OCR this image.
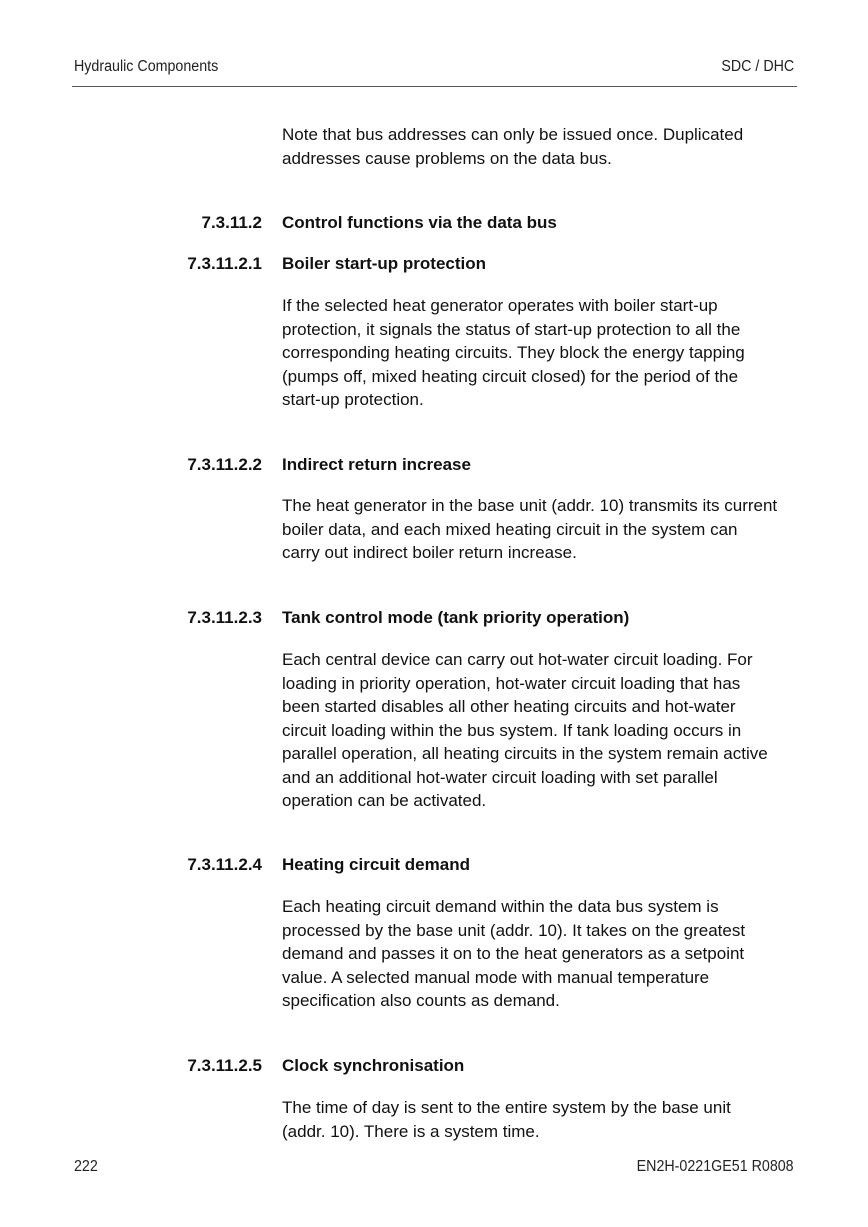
Hydraulic Components	SDC / DHC
Note that bus addresses can only be issued once. Duplicated
addresses cause problems on the data bus.
7.3.11.2 Control functions via the data bus
7.3.11.2.1 Boiler start-up protection
If the selected heat generator operates with boiler start-up
protection, it signals the status of start-up protection to all the
corresponding heating circuits. They block the energy tapping
(pumps off, mixed heating circuit closed) for the period of the
start-up protection.
7.3.11.2.2 Indirect return increase
The heat generator in the base unit (addr. 10) transmits its current
boiler data, and each mixed heating circuit in the system can
carry out indirect boiler return increase.
7.3.11.2.3 Tank control mode (tank priority operation)
Each central device can carry out hot-water circuit loading. For
loading in priority operation, hot-water circuit loading that has
been started disables all other heating circuits and hot-water
circuit loading within the bus system. If tank loading occurs in
parallel operation, all heating circuits in the system remain active
and an additional hot-water circuit loading with set parallel
operation can be activated.
7.3.11.2.4 Heating circuit demand
Each heating circuit demand within the data bus system is
processed by the base unit (addr. 10). It takes on the greatest
demand and passes it on to the heat generators as a setpoint
value. A selected manual mode with manual temperature
specification also counts as demand.
7.3.11.2.5 Clock synchronisation
The time of day is sent to the entire system by the base unit
(addr. 10). There is a system time.
222	EN2H-0221GE51 R0808
